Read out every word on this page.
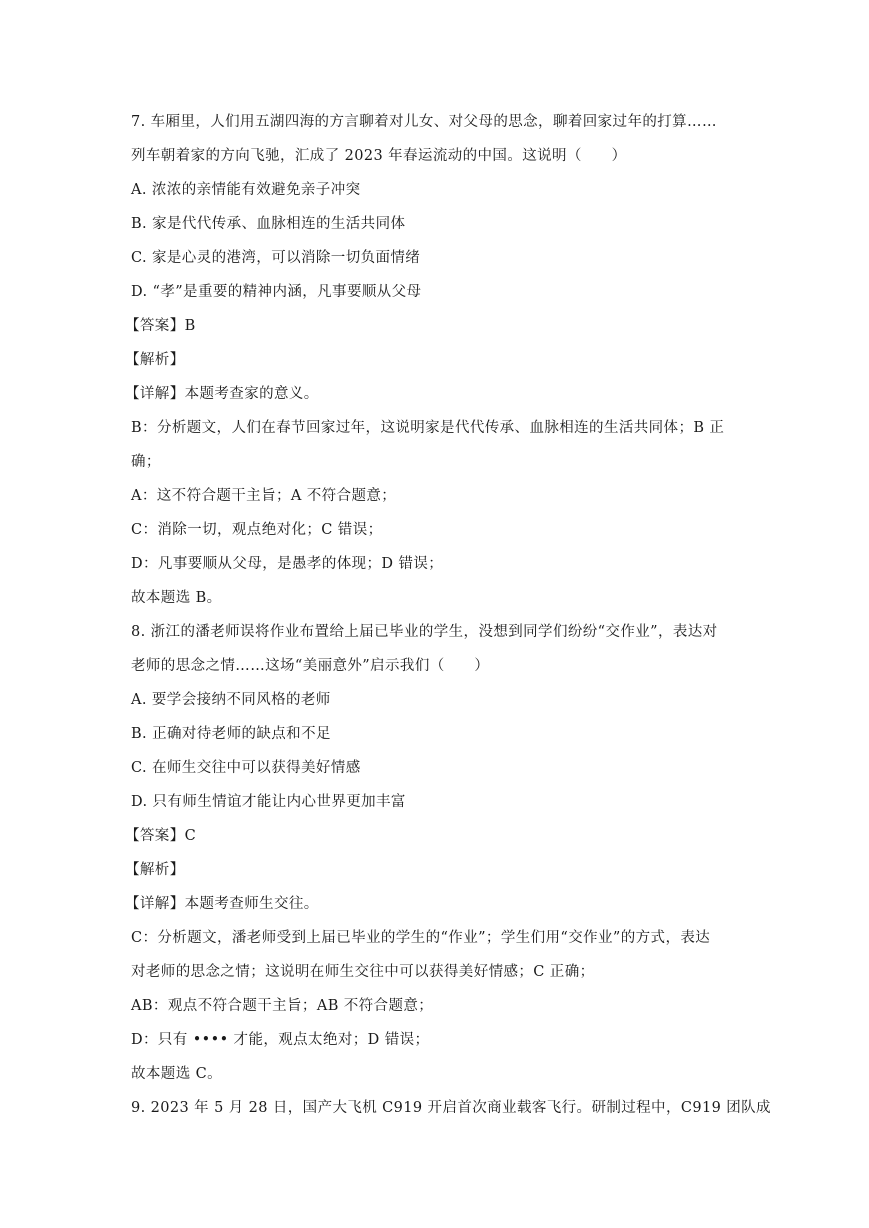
7. 车厢里，人们用五湖四海的方言聊着对儿女、对父母的思念，聊着回家过年的打算……
列车朝着家的方向飞驰，汇成了 2023 年春运流动的中国。这说明（　　）
A. 浓浓的亲情能有效避免亲子冲突
B. 家是代代传承、血脉相连的生活共同体
C. 家是心灵的港湾，可以消除一切负面情绪
D. “孝”是重要的精神内涵，凡事要顺从父母
【答案】B
【解析】
【详解】本题考查家的意义。
B：分析题文，人们在春节回家过年，这说明家是代代传承、血脉相连的生活共同体；B 正
确；
A：这不符合题干主旨；A 不符合题意；
C：消除一切，观点绝对化；C 错误；
D：凡事要顺从父母，是愚孝的体现；D 错误；
故本题选 B。
8. 浙江的潘老师误将作业布置给上届已毕业的学生，没想到同学们纷纷“交作业”，表达对
老师的思念之情……这场“美丽意外”启示我们（　　）
A. 要学会接纳不同风格的老师
B. 正确对待老师的缺点和不足
C. 在师生交往中可以获得美好情感
D. 只有师生情谊才能让内心世界更加丰富
【答案】C
【解析】
【详解】本题考查师生交往。
C：分析题文，潘老师受到上届已毕业的学生的“作业”；学生们用“交作业”的方式，表达
对老师的思念之情；这说明在师生交往中可以获得美好情感；C 正确；
AB：观点不符合题干主旨；AB 不符合题意；
D：只有 •••• 才能，观点太绝对；D 错误；
故本题选 C。
9. 2023 年 5 月 28 日，国产大飞机 C919 开启首次商业载客飞行。研制过程中，C919 团队成
